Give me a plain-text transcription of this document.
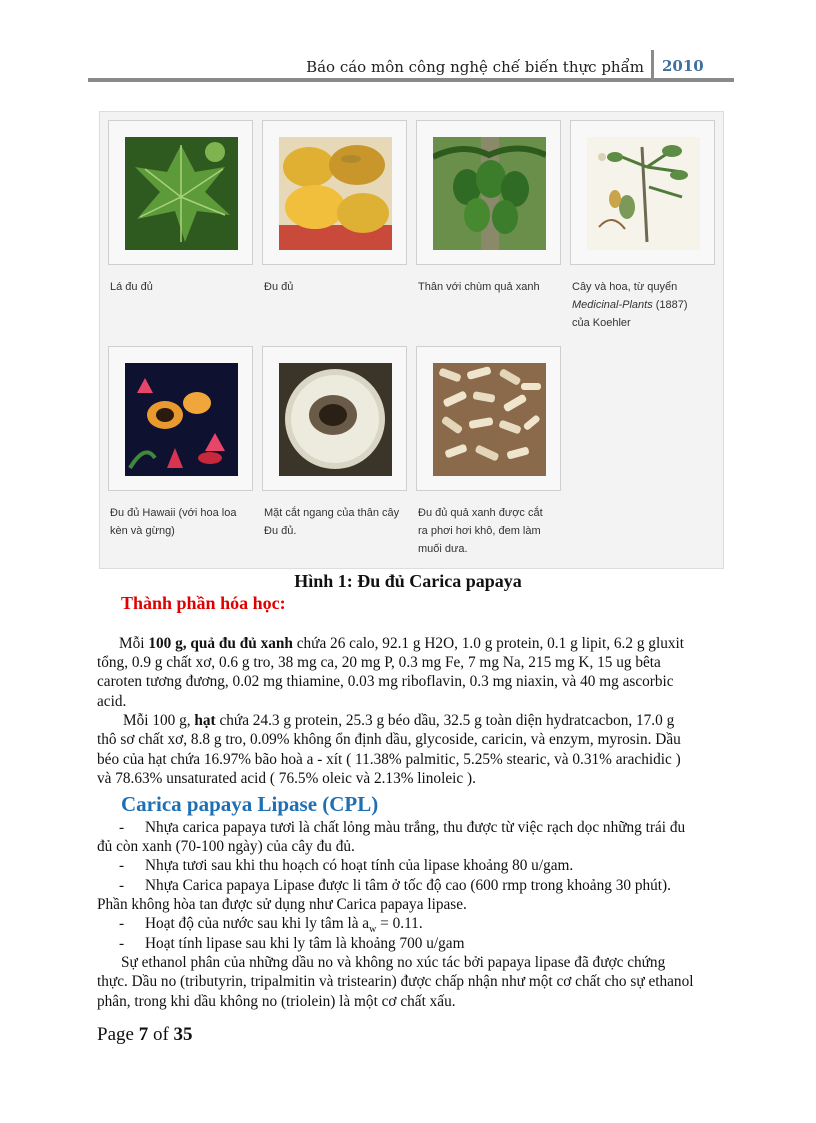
Báo cáo môn công nghệ chế biến thực phẩm 2010
Lá đu đủ	Đu đủ	Thân với chùm quả xanh	Cây và hoa, từ quyển
Medicinal-Plants (1887)
của Koehler
Đu đủ Hawaii (với hoa loa
kèn và gừng)
Mặt cắt ngang của thân cây
Đu đủ.
Đu đủ quả xanh được cắt
ra phơi hơi khô, đem làm
muối dưa.
Hình 1: Đu đủ Carica papaya
Thành phần hóa học:
Mỗi 100 g, quả đu đủ xanh chứa 26 calo, 92.1 g H2O, 1.0 g protein, 0.1 g lipit, 6.2 g gluxit
tổng, 0.9 g chất xơ, 0.6 g tro, 38 mg ca, 20 mg P, 0.3 mg Fe, 7 mg Na, 215 mg K, 15 ug bêta
caroten tương đương, 0.02 mg thiamine, 0.03 mg riboflavin, 0.3 mg niaxin, và 40 mg ascorbic
acid.
Mỗi 100 g, hạt chứa 24.3 g protein, 25.3 g béo dầu, 32.5 g toàn diện hydratcacbon, 17.0 g
thô sơ chất xơ, 8.8 g tro, 0.09% không ổn định dầu, glycoside, caricin, và enzym, myrosin. Dầu
béo của hạt chứa 16.97% bão hoà a - xít ( 11.38% palmitic, 5.25% stearic, và 0.31% arachidic )
và 78.63% unsaturated acid ( 76.5% oleic và 2.13% linoleic ).
Carica papaya Lipase (CPL)
- Nhựa carica papaya tươi là chất lỏng màu trắng, thu được từ việc rạch dọc những trái đu
đủ còn xanh (70-100 ngày) của cây đu đủ.
- Nhựa tươi sau khi thu hoạch có hoạt tính của lipase khoảng 80 u/gam.
- Nhựa Carica papaya Lipase được li tâm ở tốc độ cao (600 rmp trong khoảng 30 phút).
Phần không hòa tan được sử dụng như Carica papaya lipase.
- Hoạt độ của nước sau khi ly tâm là $a_w = 0.11$.
- Hoạt tính lipase sau khi ly tâm là khoảng 700 u/gam
Sự ethanol phân của những dầu no và không no xúc tác bởi papaya lipase đã được chứng
thực. Dầu no (tributyrin, tripalmitin và tristearin) được chấp nhận như một cơ chất cho sự ethanol
phân, trong khi dầu không no (triolein) là một cơ chất xấu.
Page 7 of 35
